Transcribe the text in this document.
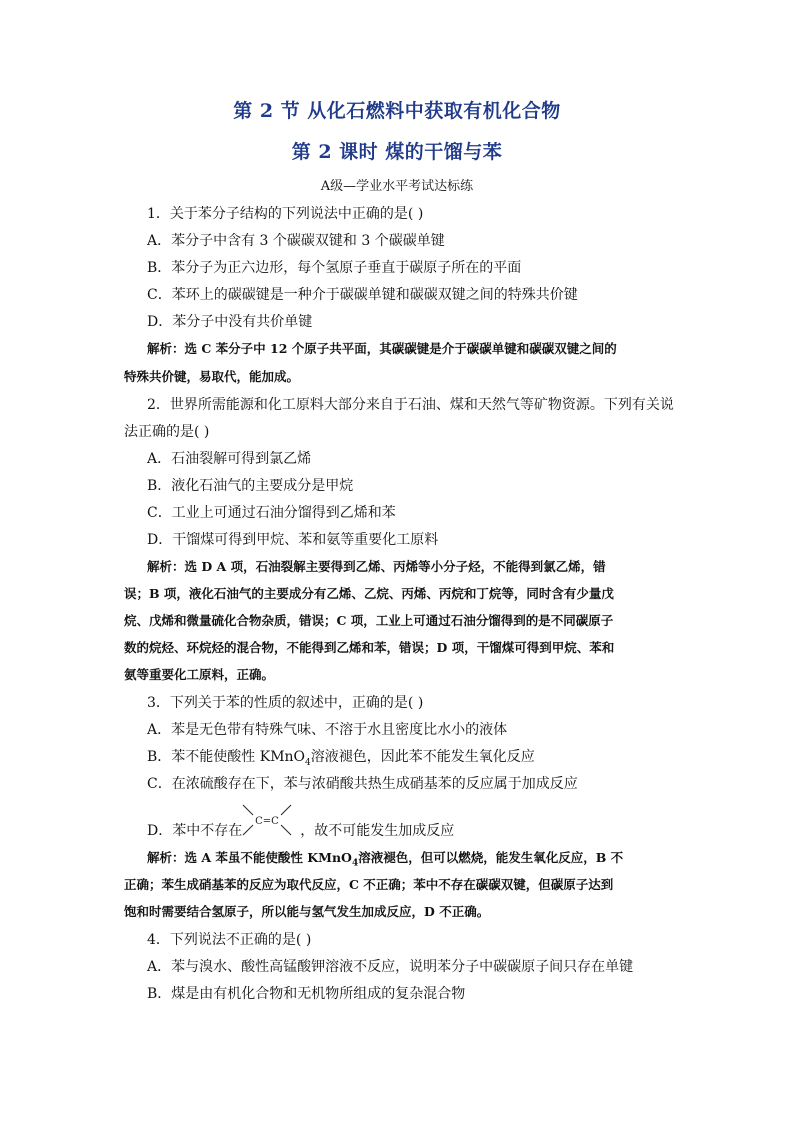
第 2 节 从化石燃料中获取有机化合物
第 2 课时 煤的干馏与苯
A级—学业水平考试达标练
1．关于苯分子结构的下列说法中正确的是( )
A．苯分子中含有 3 个碳碳双键和 3 个碳碳单键
B．苯分子为正六边形，每个氢原子垂直于碳原子所在的平面
C．苯环上的碳碳键是一种介于碳碳单键和碳碳双键之间的特殊共价键
D．苯分子中没有共价单键
解析：选 C 苯分子中 12 个原子共平面，其碳碳键是介于碳碳单键和碳碳双键之间的
特殊共价键，易取代，能加成。
2．世界所需能源和化工原料大部分来自于石油、煤和天然气等矿物资源。下列有关说
法正确的是( )
A．石油裂解可得到氯乙烯
B．液化石油气的主要成分是甲烷
C．工业上可通过石油分馏得到乙烯和苯
D．干馏煤可得到甲烷、苯和氨等重要化工原料
解析：选 D A 项，石油裂解主要得到乙烯、丙烯等小分子烃，不能得到氯乙烯，错
误；B 项，液化石油气的主要成分有乙烯、乙烷、丙烯、丙烷和丁烷等，同时含有少量戊
烷、戊烯和微量硫化合物杂质，错误；C 项，工业上可通过石油分馏得到的是不同碳原子
数的烷烃、环烷烃的混合物，不能得到乙烯和苯，错误；D 项，干馏煤可得到甲烷、苯和
氨等重要化工原料，正确。
3．下列关于苯的性质的叙述中，正确的是( )
A．苯是无色带有特殊气味、不溶于水且密度比水小的液体
B．苯不能使酸性 KMnO$_4$溶液褪色，因此苯不能发生氧化反应
C．在浓硫酸存在下，苯与浓硝酸共热生成硝基苯的反应属于加成反应
D．苯中不存在	，故不可能发生加成反应
C=C
解析：选 A 苯虽不能使酸性 KMnO$_4$溶液褪色，但可以燃烧，能发生氧化反应，B 不
正确；苯生成硝基苯的反应为取代反应，C 不正确；苯中不存在碳碳双键，但碳原子达到
饱和时需要结合氢原子，所以能与氢气发生加成反应，D 不正确。
4．下列说法不正确的是( )
A．苯与溴水、酸性高锰酸钾溶液不反应，说明苯分子中碳碳原子间只存在单键
B．煤是由有机化合物和无机物所组成的复杂混合物
